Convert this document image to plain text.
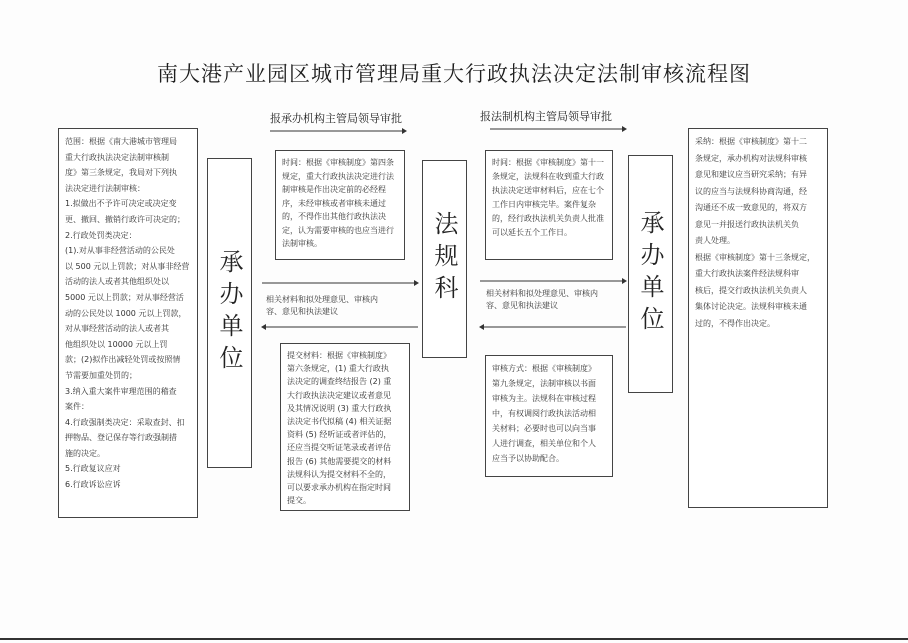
南大港产业园区城市管理局重大行政执法决定法制审核流程图
范围：根据《南大港城市管理局
重大行政执法决定法制审核制
度》第三条规定，我局对下列执
法决定进行法制审核：
1.拟做出不予许可决定或决定变
更、撤回、撤销行政许可决定的；
2.行政处罚类决定：
(1).对从事非经营活动的公民处
以 500 元以上罚款；对从事非经营
活动的法人或者其他组织处以
5000 元以上罚款；对从事经营活
动的公民处以 1000 元以上罚款，
对从事经营活动的法人或者其
他组织处以 10000 元以上罚
款；(2)拟作出减轻处罚或按照情
节需要加重处罚的；
3.纳入重大案件审理范围的稽查
案件：
4.行政强制类决定：采取查封、扣
押物品、登记保存等行政强制措
施的决定。
5.行政复议应对
6.行政诉讼应诉
承办单位
报承办机构主管局领导审批
时间：根据《审核制度》第四条
规定，重大行政执法决定进行法
制审核是作出决定前的必经程
序，未经审核或者审核未通过
的，不得作出其他行政执法决
定，认为需要审核的也应当进行
法制审核。
相关材料和拟处理意见、审核内
容、意见和执法建议
提交材料：根据《审核制度》
第六条规定，(1) 重大行政执
法决定的调查终结报告 (2) 重
大行政执法决定建议或者意见
及其情况说明 (3) 重大行政执
法决定书代拟稿 (4) 相关证据
资料 (5) 经听证或者评估的，
还应当提交听证笔录或者评估
报告 (6) 其他需要提交的材料
法规科认为提交材料不全的，
可以要求承办机构在指定时间
提交。
法规科
报法制机构主管局领导审批
时间：根据《审核制度》第十一
条规定，法规科在收到重大行政
执法决定送审材料后，应在七个
工作日内审核完毕。案件复杂
的，经行政执法机关负责人批准
可以延长五个工作日。
相关材料和拟处理意见、审核内
容、意见和执法建议
审核方式：根据《审核制度》
第九条规定，法制审核以书面
审核为主。法规科在审核过程
中，有权调阅行政执法活动相
关材料；必要时也可以向当事
人进行调查，相关单位和个人
应当予以协助配合。
承办单位
采纳：根据《审核制度》第十二
条规定，承办机构对法规科审核
意见和建议应当研究采纳；有异
议的应当与法规科协商沟通，经
沟通还不成一致意见的，将双方
意见一并报送行政执法机关负
责人处理。
根据《审核制度》第十三条规定，
重大行政执法案件经法规科审
核后，提交行政执法机关负责人
集体讨论决定。法规科审核未通
过的，不得作出决定。
